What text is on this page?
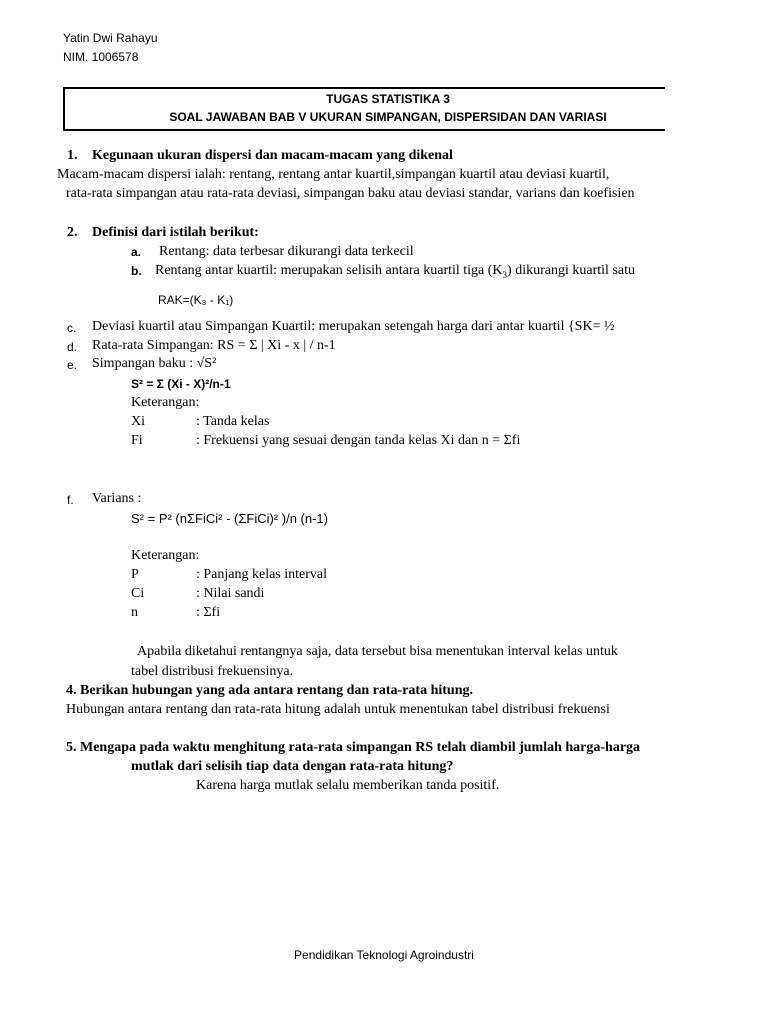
Yatin Dwi Rahayu
NIM. 1006578
TUGAS STATISTIKA 3
SOAL JAWABAN BAB V UKURAN SIMPANGAN, DISPERSIDAN DAN VARIASI
1. Kegunaan ukuran dispersi dan macam-macam yang dikenal
Macam-macam dispersi ialah: rentang, rentang antar kuartil,simpangan kuartil atau deviasi kuartil,
rata-rata simpangan atau rata-rata deviasi, simpangan baku atau deviasi standar, varians dan koefisien
2. Definisi dari istilah berikut:
a. Rentang: data terbesar dikurangi data terkecil
b. Rentang antar kuartil: merupakan selisih antara kuartil tiga $(K_3)$ dikurangi kuartil satu
RAK=(K₃ - K₁)
c. Deviasi kuartil atau Simpangan Kuartil: merupakan setengah harga dari antar kuartil {SK= ½
d. Rata-rata Simpangan: RS = Σ | Xi - x | / n-1
e. Simpangan baku : √S²
S² = Σ (Xi - X)²/n-1
Keterangan:
Xi	: Tanda kelas
Fi	: Frekuensi yang sesuai dengan tanda kelas Xi dan n = Σfi
f. Varians :
S² = P² (nΣFiCi² - (ΣFiCi)² )/n (n-1)
Keterangan:
P	: Panjang kelas interval
Ci	: Nilai sandi
n	: Σfi
Apabila diketahui rentangnya saja, data tersebut bisa menentukan interval kelas untuk
tabel distribusi frekuensinya.
4. Berikan hubungan yang ada antara rentang dan rata-rata hitung.
Hubungan antara rentang dan rata-rata hitung adalah untuk menentukan tabel distribusi frekuensi
5. Mengapa pada waktu menghitung rata-rata simpangan RS telah diambil jumlah harga-harga
mutlak dari selisih tiap data dengan rata-rata hitung?
Karena harga mutlak selalu memberikan tanda positif.
Pendidikan Teknologi Agroindustri
